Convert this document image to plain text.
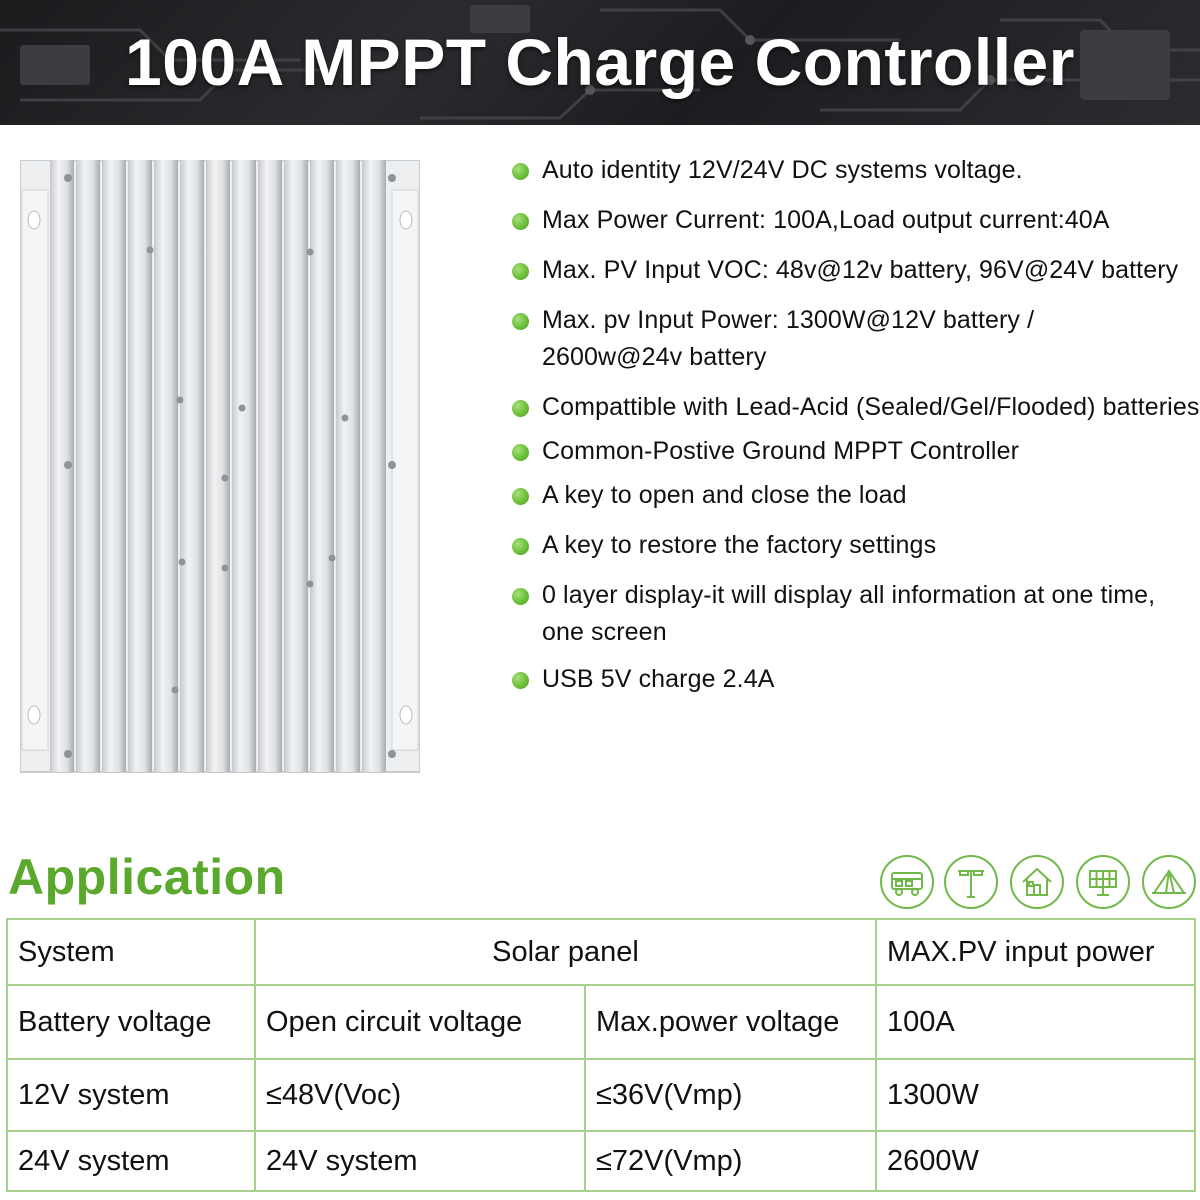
100A MPPT Charge Controller
Auto identity 12V/24V DC systems voltage.
Max Power Current: 100A,Load output current:40A
Max. PV Input VOC: 48v@12v battery, 96V@24V battery
Max. pv Input Power: 1300W@12V battery / 2600w@24v battery
Compattible with Lead-Acid (Sealed/Gel/Flooded) batteries
Common-Postive Ground MPPT Controller
A key to open and close the load
A key to restore the factory settings
0 layer display-it will display all information at one time, one screen
USB 5V charge 2.4A
Application
System	Solar panel		MAX.PV input power
Battery voltage	Open circuit voltage	Max.power voltage	100A
12V system	≤48V(Voc)	≤36V(Vmp)	1300W
24V system	24V system	≤72V(Vmp)	2600W
